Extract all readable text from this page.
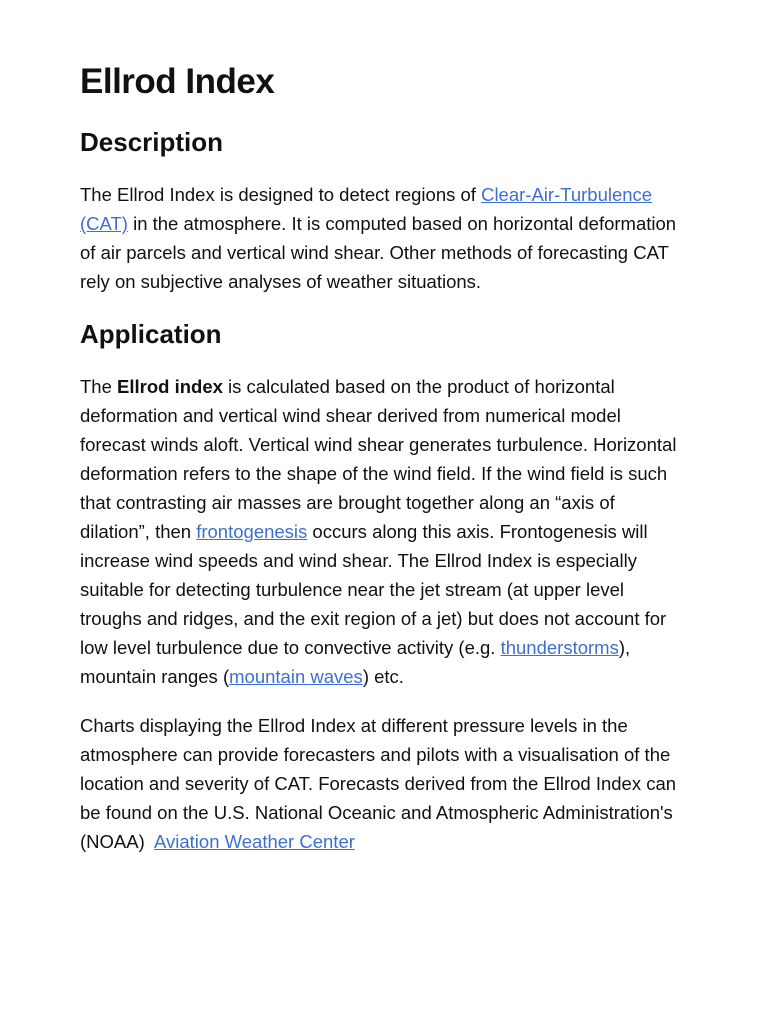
Ellrod Index
Description

The Ellrod Index is designed to detect regions of Clear-Air-Turbulence (CAT) in the atmosphere. It is computed based on horizontal deformation of air parcels and vertical wind shear. Other methods of forecasting CAT rely on subjective analyses of weather situations.

Application

The Ellrod index is calculated based on the product of horizontal deformation and vertical wind shear derived from numerical model forecast winds aloft. Vertical wind shear generates turbulence. Horizontal deformation refers to the shape of the wind field. If the wind field is such that contrasting air masses are brought together along an “axis of dilation”, then frontogenesis occurs along this axis. Frontogenesis will increase wind speeds and wind shear. The Ellrod Index is especially suitable for detecting turbulence near the jet stream (at upper level troughs and ridges, and the exit region of a jet) but does not account for low level turbulence due to convective activity (e.g. thunderstorms), mountain ranges (mountain waves) etc.

Charts displaying the Ellrod Index at different pressure levels in the atmosphere can provide forecasters and pilots with a visualisation of the location and severity of CAT. Forecasts derived from the Ellrod Index can be found on the U.S. National Oceanic and Atmospheric Administration's (NOAA)  Aviation Weather Center
